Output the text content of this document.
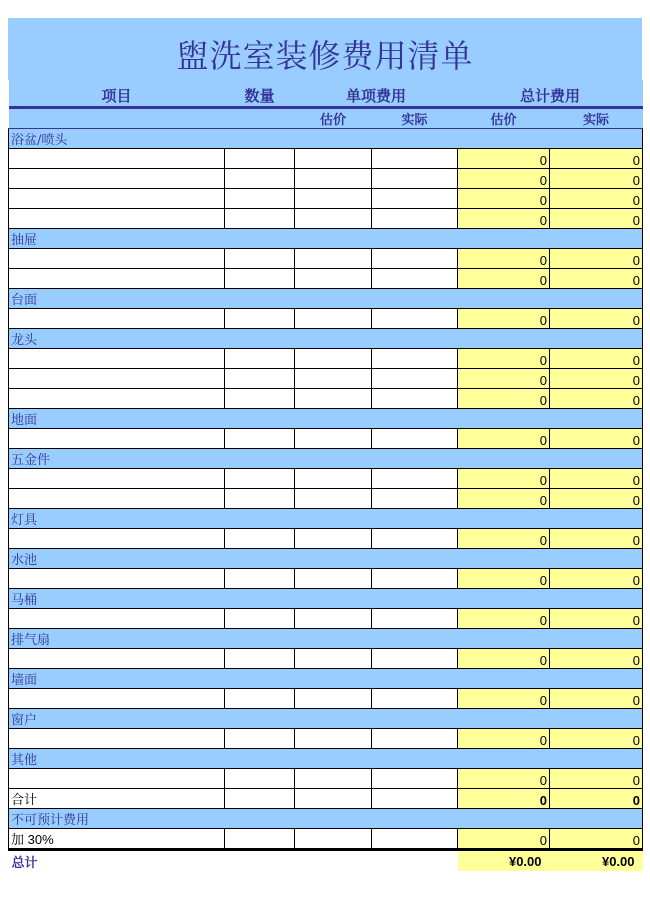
盥洗室装修费用清单
项目	数量	单项费用		总计费用	
		估价	实际	估价	实际
浴盆/喷头					
				0	0
				0	0
				0	0
				0	0
抽屉					
				0	0
				0	0
台面					
				0	0
龙头					
				0	0
				0	0
				0	0
地面					
				0	0
五金件					
				0	0
				0	0
灯具					
				0	0
水池					
				0	0
马桶					
				0	0
排气扇					
				0	0
墙面					
				0	0
窗户					
				0	0
其他					
				0	0
合计				0	0
不可预计费用					
加 30%				0	0
总计				¥0.00	¥0.00
